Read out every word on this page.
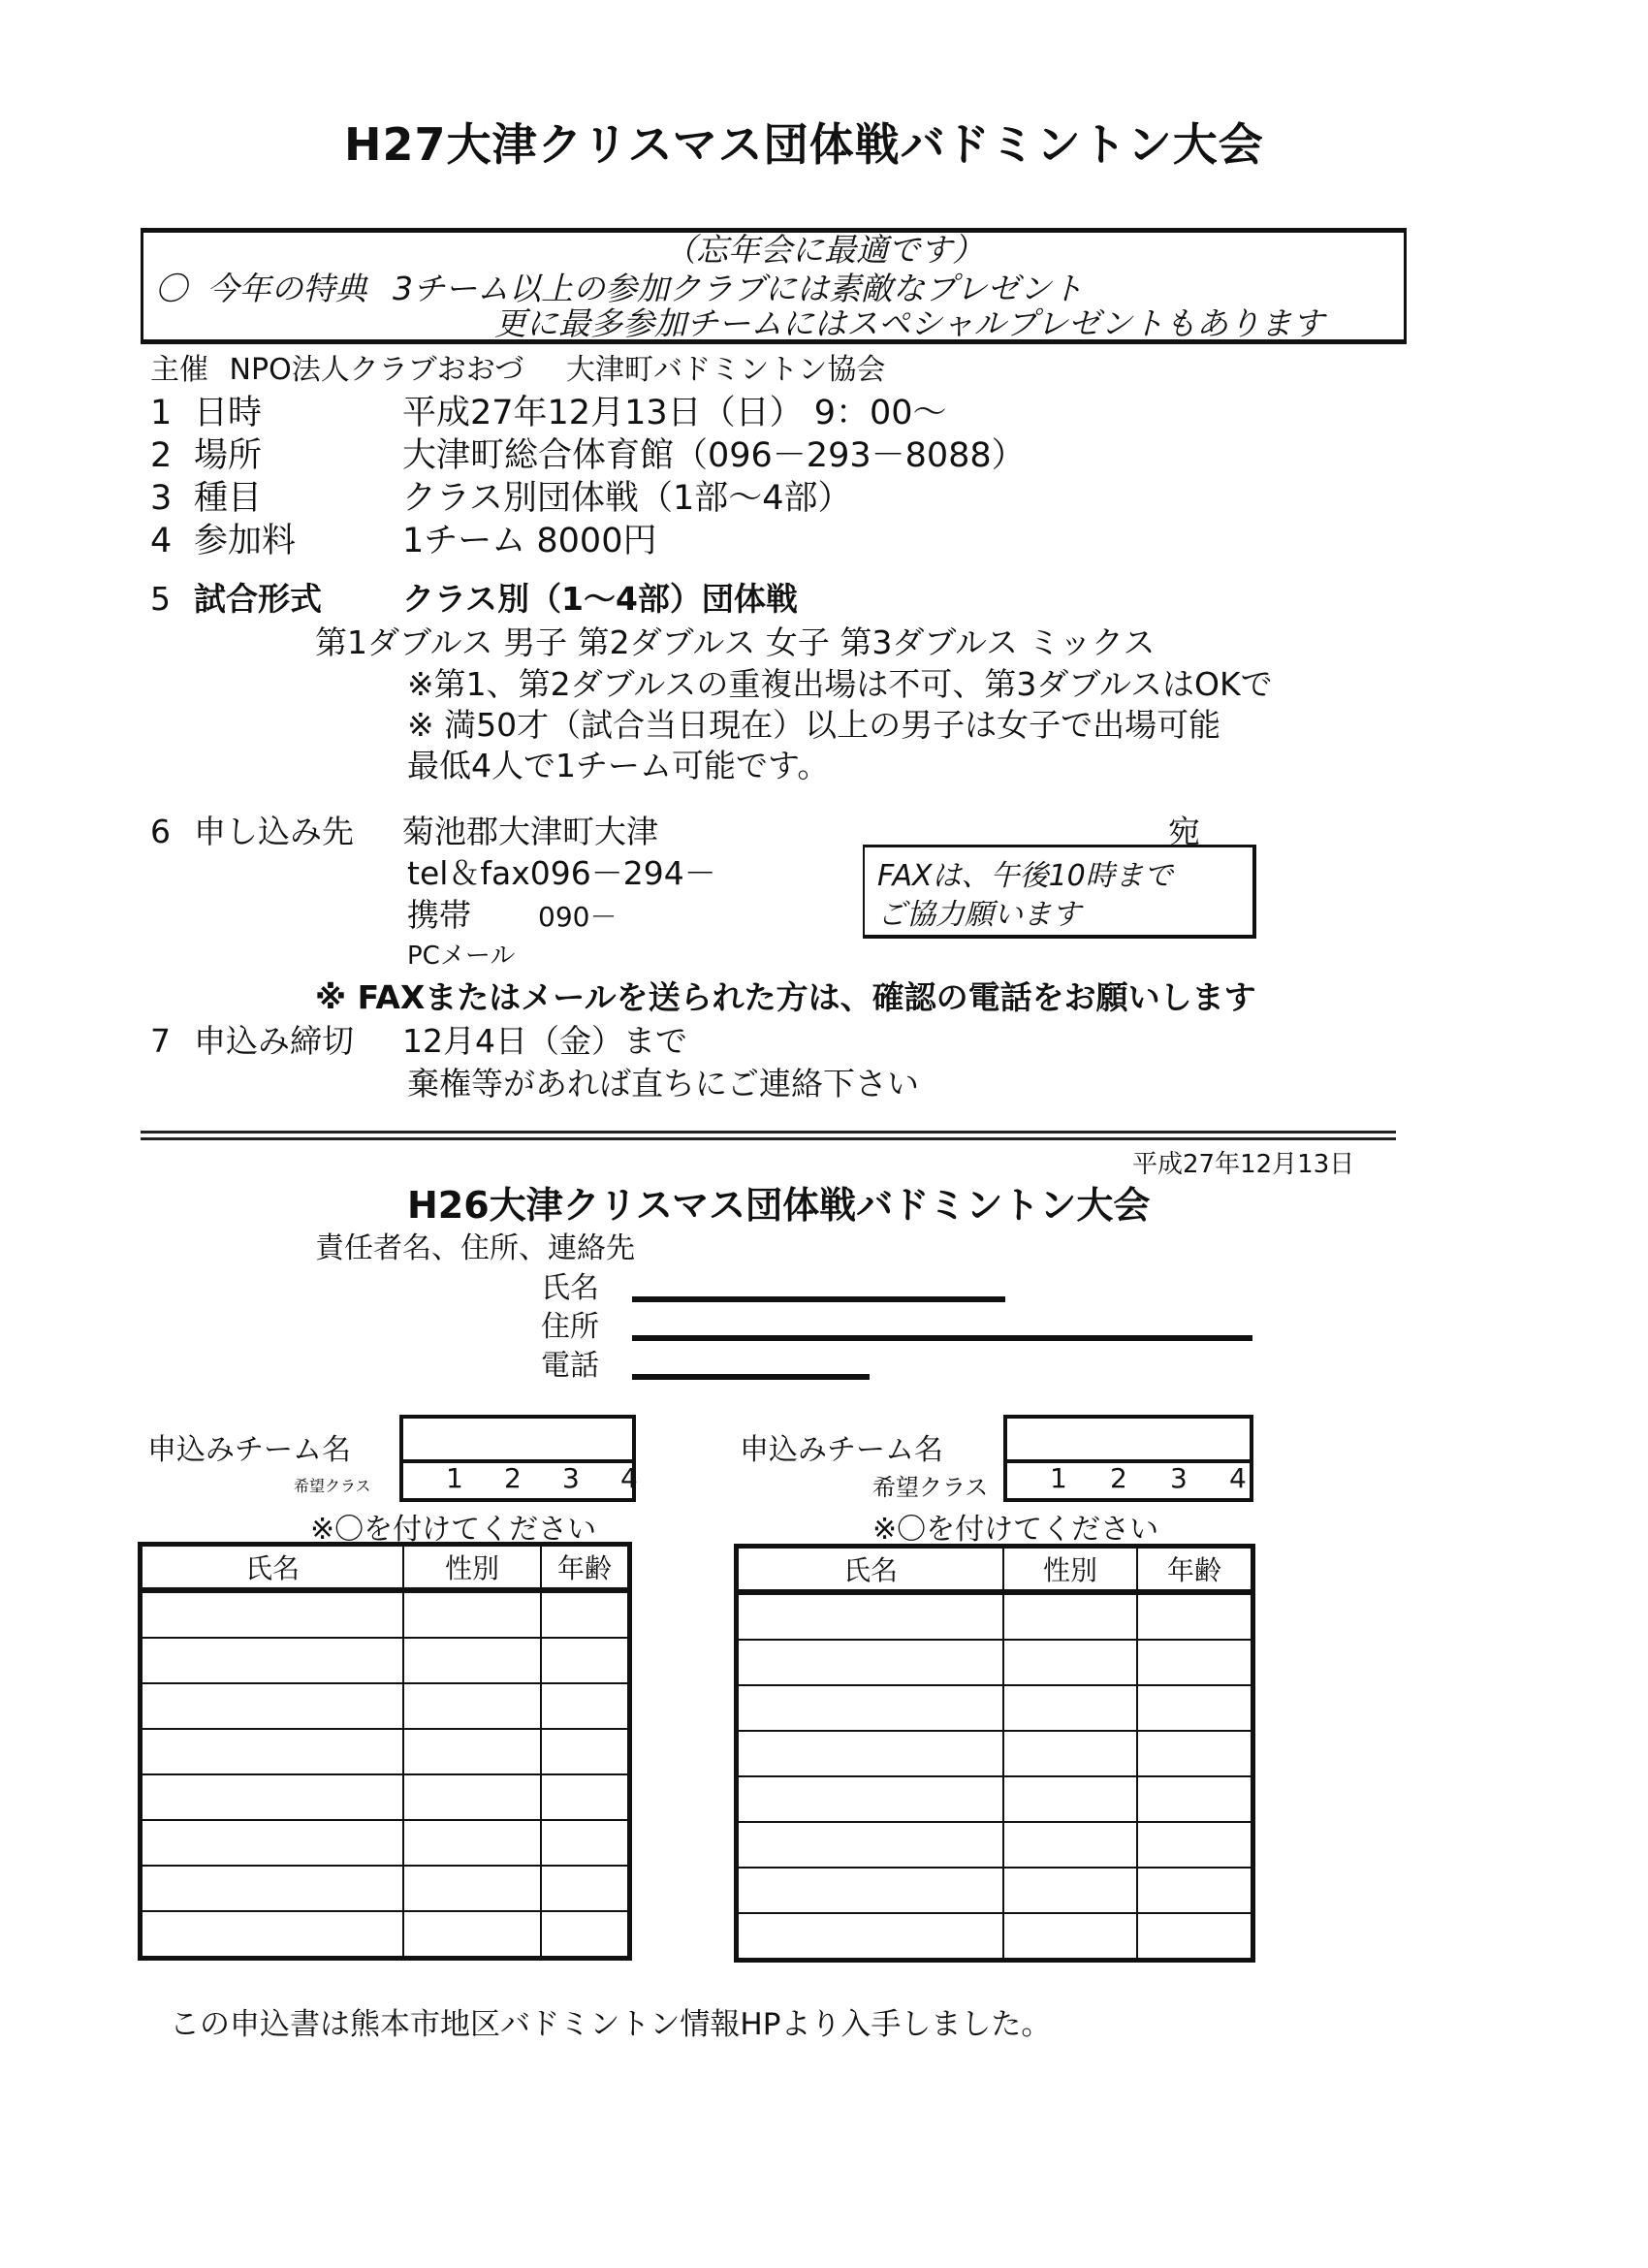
H27大津クリスマス団体戦バドミントン大会
（忘年会に最適です）
〇 今年の特典 3チーム以上の参加クラブには素敵なプレゼント
更に最多参加チームにはスペシャルプレゼントもあります
主催 NPO法人クラブおおづ 大津町バドミントン協会
1 日時	平成27年12月13日（日） 9：00～
2 場所	大津町総合体育館（096－293－8088）
3 種目	クラス別団体戦（1部～4部）
4 参加料	1チーム 8000円
5 試合形式	クラス別（1～4部）団体戦
第1ダブルス 男子 第2ダブルス 女子 第3ダブルス ミックス
※第1、第2ダブルスの重複出場は不可、第3ダブルスはOKで
※ 満50才（試合当日現在）以上の男子は女子で出場可能
最低4人で1チーム可能です。
6 申し込み先 菊池郡大津町大津	宛
tel＆fax096－294－
携帯 090－
PCメール
FAXは、午後10時まで
ご協力願います
※ FAXまたはメールを送られた方は、確認の電話をお願いします
7 申込み締切 12月4日（金）まで
棄権等があれば直ちにご連絡下さい
平成27年12月13日
H26大津クリスマス団体戦バドミントン大会
責任者名、住所、連絡先
氏名
住所
電話
申込みチーム名
希望クラス	1 2 3 4
※〇を付けてください
氏名	性別	年齢

申込みチーム名
希望クラス 1 2 3 4
※〇を付けてください
氏名	性別	年齢

この申込書は熊本市地区バドミントン情報HPより入手しました。
